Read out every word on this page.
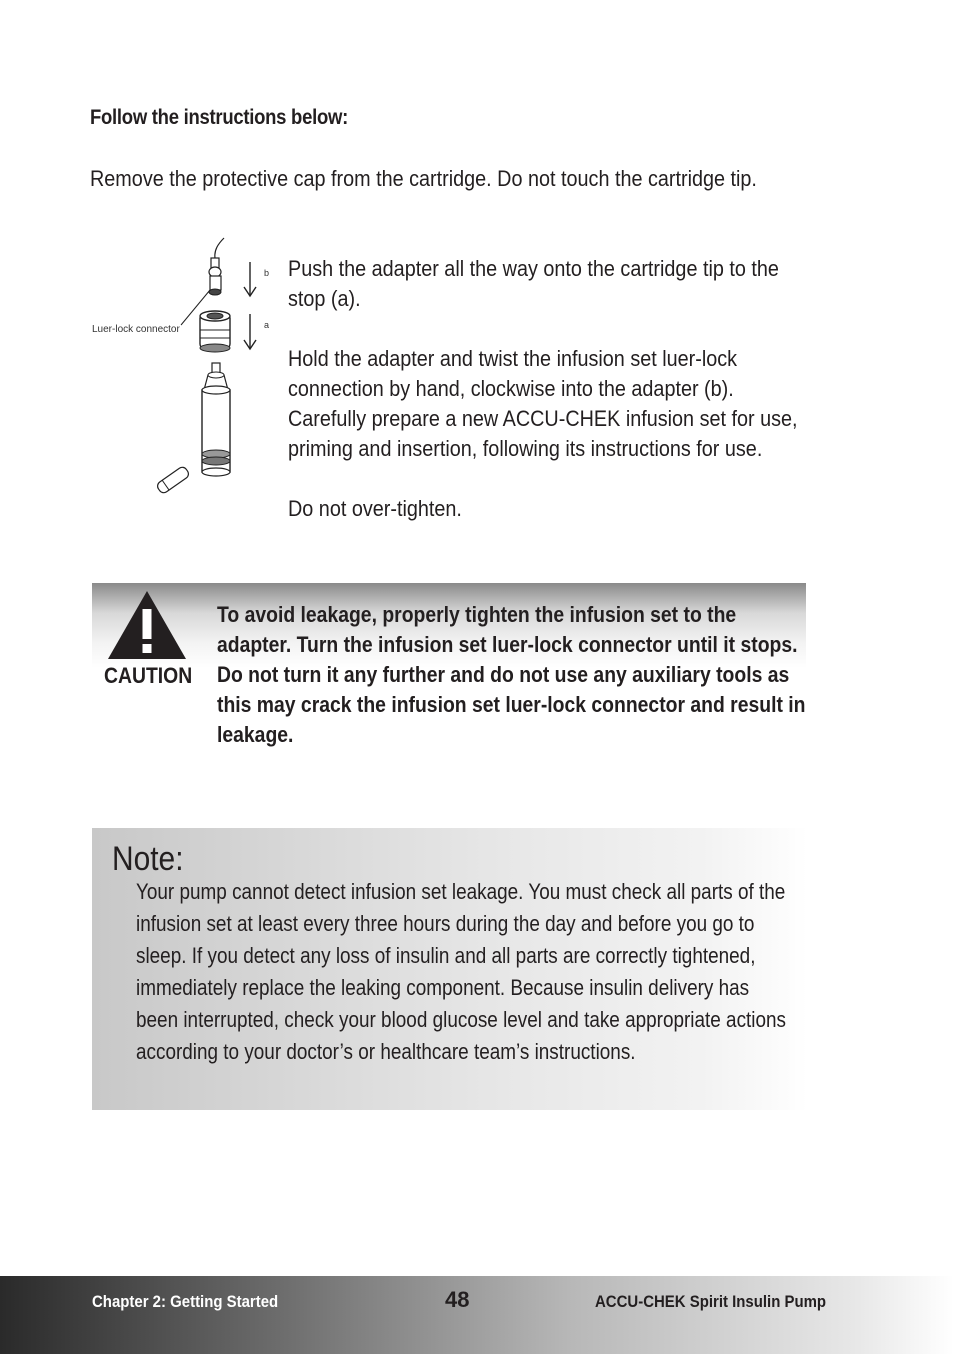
Follow the instructions below:
Remove the protective cap from the cartridge. Do not touch the cartridge tip.
Luer-lock connector
b
a

Push the adapter all the way onto the cartridge tip to the stop (a).

Hold the adapter and twist the infusion set luer-lock connection by hand, clockwise into the adapter (b). Carefully prepare a new ACCU-CHEK infusion set for use, priming and insertion, following its instructions for use.

Do not over-tighten.

CAUTION
To avoid leakage, properly tighten the infusion set to the adapter. Turn the infusion set luer-lock connector until it stops. Do not turn it any further and do not use any auxiliary tools as this may crack the infusion set luer-lock connector and result in leakage.
Note:
Your pump cannot detect infusion set leakage. You must check all parts of the infusion set at least every three hours during the day and before you go to sleep. If you detect any loss of insulin and all parts are correctly tightened, immediately replace the leaking component. Because insulin delivery has been interrupted, check your blood glucose level and take appropriate actions according to your doctor’s or healthcare team’s instructions.
Chapter 2: Getting Started	48	ACCU-CHEK Spirit Insulin Pump
